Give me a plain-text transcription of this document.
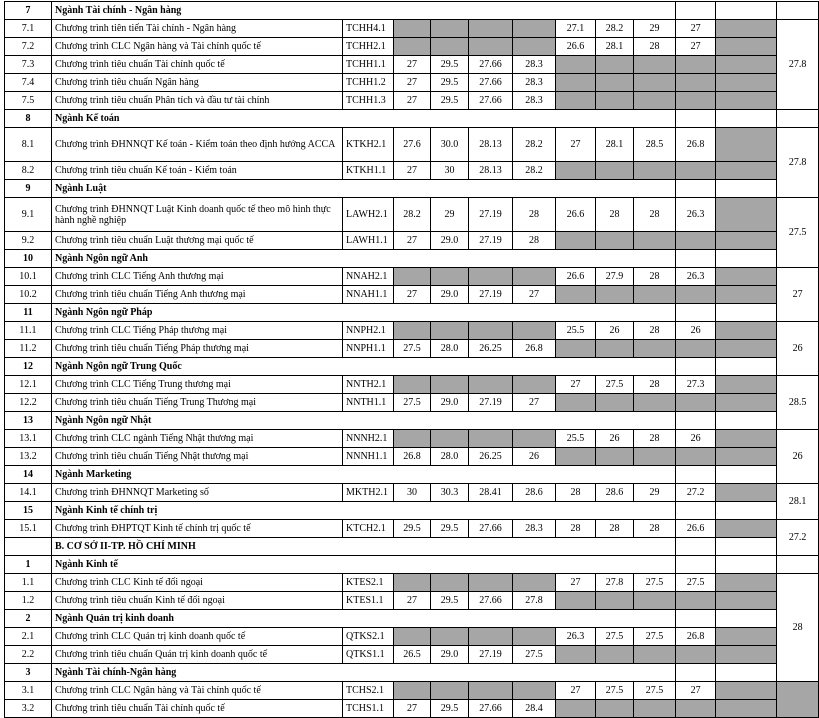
7	Ngành Tài chính - Ngân hàng												
7.1	Chương trình tiên tiến Tài chính - Ngân hàng	TCHH4.1					27.1	28.2	29	27		27.8	
7.2	Chương trình CLC Ngân hàng và Tài chính quốc tế	TCHH2.1					26.6	28.1	28	27			
7.3	Chương trình tiêu chuẩn Tài chính quốc tế	TCHH1.1	27	29.5	27.66	28.3						
7.4	Chương trình tiêu chuẩn Ngân hàng	TCHH1.2	27	29.5	27.66	28.3						
7.5	Chương trình tiêu chuẩn Phân tích và đầu tư tài chính	TCHH1.3	27	29.5	27.66	28.3						
8	Ngành Kế toán												
8.1	Chương trình ĐHNNQT Kế toán - Kiểm toán theo định hướng ACCA	KTKH2.1	27.6	30.0	28.13	28.2	27	28.1	28.5	26.8		27.8	
8.2	Chương trình tiêu chuẩn Kế toán - Kiểm toán	KTKH1.1	27	30	28.13	28.2						
9	Ngành Luật												
9.1	Chương trình ĐHNNQT Luật Kinh doanh quốc tế theo mô hình thực hành nghề nghiệp	LAWH2.1	28.2	29	27.19	28	26.6	28	28	26.3		27.5	
9.2	Chương trình tiêu chuẩn Luật thương mại quốc tế	LAWH1.1	27	29.0	27.19	28						
10	Ngành Ngôn ngữ Anh												
10.1	Chương trình CLC Tiếng Anh thương mại	NNAH2.1					26.6	27.9	28	26.3		27	
10.2	Chương trình tiêu chuẩn Tiếng Anh thương mại	NNAH1.1	27	29.0	27.19	27							
11	Ngành Ngôn ngữ Pháp												
11.1	Chương trình CLC Tiếng Pháp thương mại	NNPH2.1					25.5	26	28	26		26	
11.2	Chương trình tiêu chuẩn Tiếng Pháp thương mại	NNPH1.1	27.5	28.0	26.25	26.8							
12	Ngành Ngôn ngữ Trung Quốc												
12.1	Chương trình CLC Tiếng Trung thương mại	NNTH2.1					27	27.5	28	27.3		28.5	
12.2	Chương trình tiêu chuẩn Tiếng Trung Thương mại	NNTH1.1	27.5	29.0	27.19	27							
13	Ngành Ngôn ngữ Nhật												
13.1	Chương trình CLC ngành Tiếng Nhật thương mại	NNNH2.1					25.5	26	28	26		26	
13.2	Chương trình tiêu chuẩn Tiếng Nhật thương mại	NNNH1.1	26.8	28.0	26.25	26							
14	Ngành Marketing												
14.1	Chương trình ĐHNNQT Marketing số	MKTH2.1	30	30.3	28.41	28.6	28	28.6	29	27.2		28.1	
15	Ngành Kinh tế chính trị												
15.1	Chương trình ĐHPTQT Kinh tế chính trị quốc tế	KTCH2.1	29.5	29.5	27.66	28.3	28	28	28	26.6		27.2	
	B. CƠ SỞ II-TP. HỒ CHÍ MINH												
1	Ngành Kinh tế												
1.1	Chương trình CLC Kinh tế đối ngoại	KTES2.1					27	27.8	27.5	27.5		28	
1.2	Chương trình tiêu chuẩn Kinh tế đối ngoại	KTES1.1	27	29.5	27.66	27.8						
2	Ngành Quản trị kinh doanh												
2.1	Chương trình CLC Quản trị kinh doanh quốc tế	QTKS2.1					26.3	27.5	27.5	26.8			
2.2	Chương trình tiêu chuẩn Quản trị kinh doanh quốc tế	QTKS1.1	26.5	29.0	27.19	27.5						
3	Ngành Tài chính-Ngân hàng												
3.1	Chương trình CLC Ngân hàng và Tài chính quốc tế	TCHS2.1					27	27.5	27.5	27			
3.2	Chương trình tiêu chuẩn Tài chính quốc tế	TCHS1.1	27	29.5	27.66	28.4						
